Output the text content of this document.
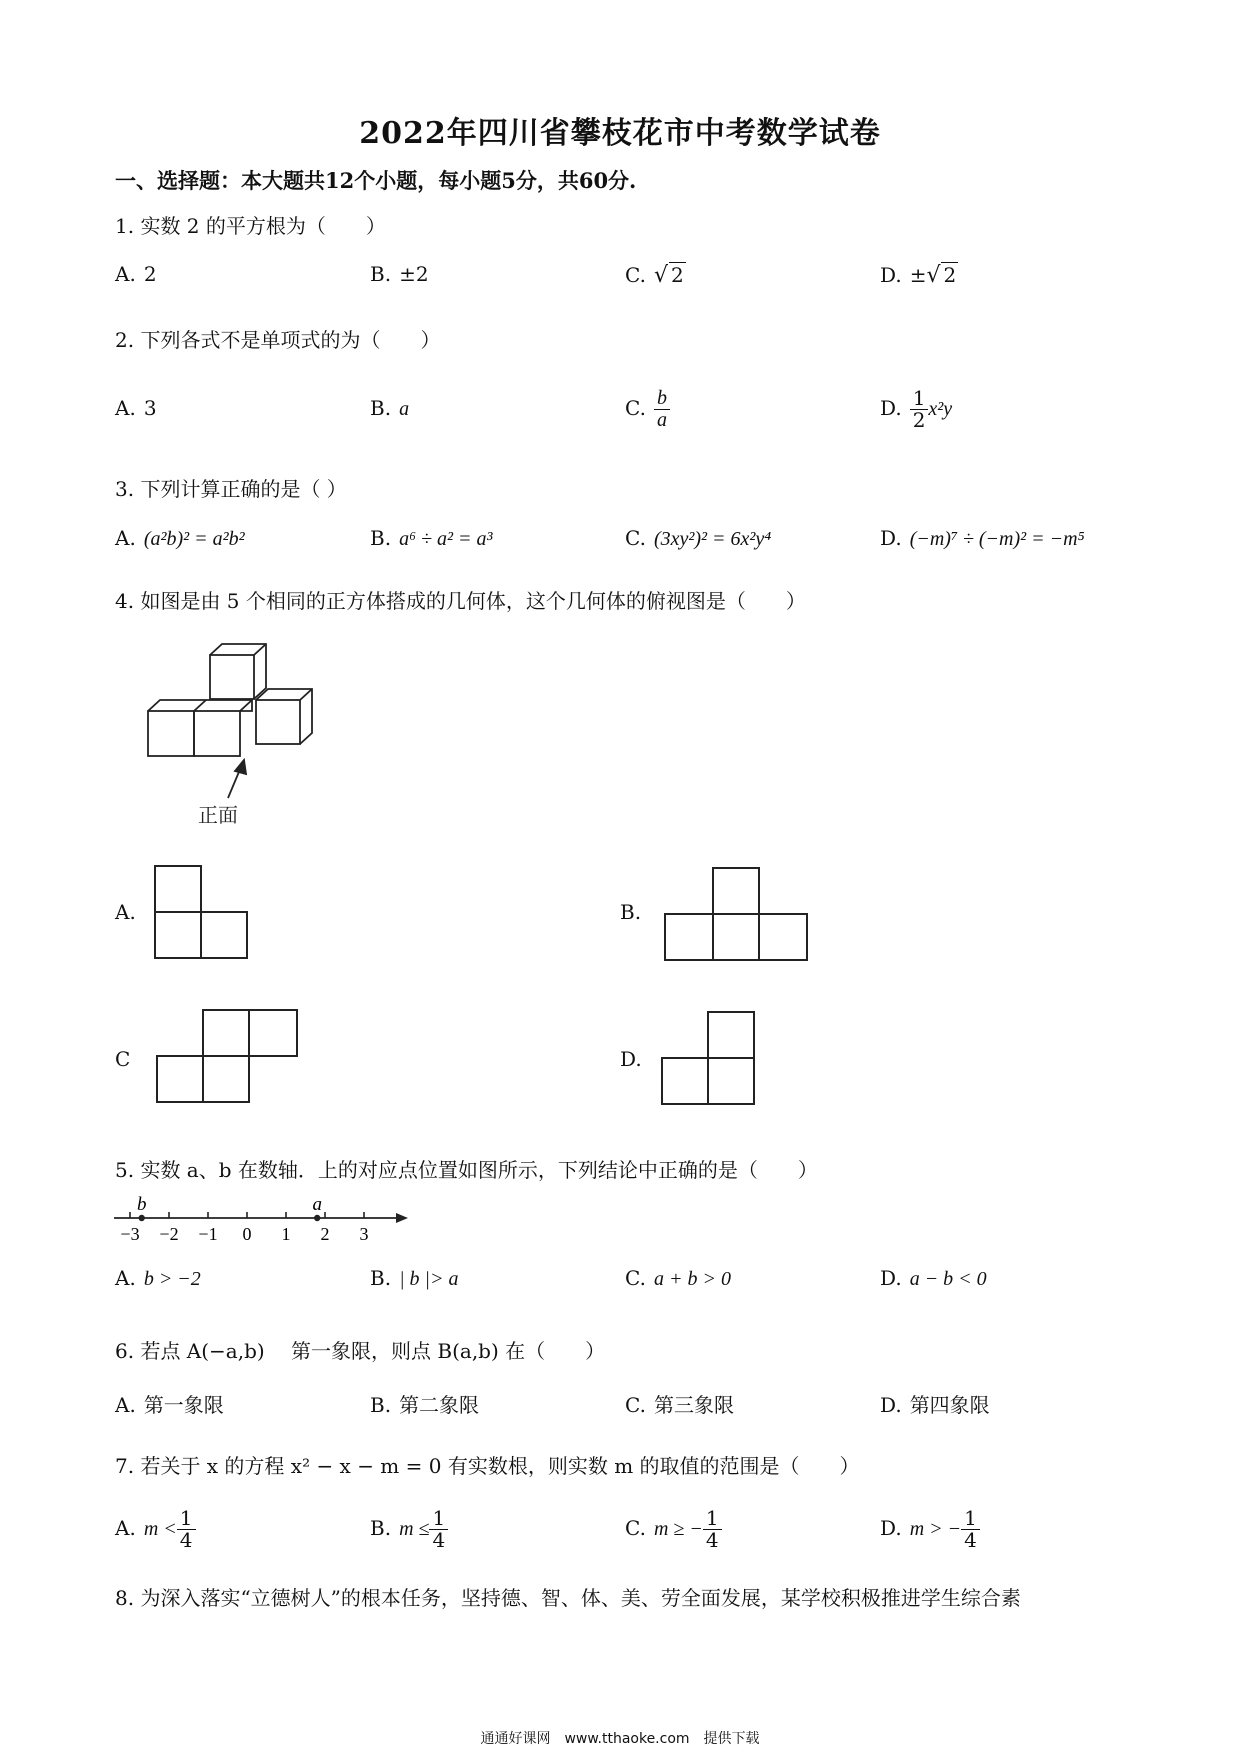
2022年四川省攀枝花市中考数学试卷
一、选择题：本大题共12个小题，每小题5分，共60分.
1. 实数 2 的平方根为（　　）
A. 2	B. ±2	C. √ 2	D. ±√ 2
2. 下列各式不是单项式的为（　　）
A. 3	B. a	C. $\frac{b}{a}$	D. $\frac{1}{2} x^2y$
3. 下列计算正确的是（ ）
A. (a²b)² = a²b²	B. a⁶ ÷ a² = a³	C. (3xy²)² = 6x²y⁴	D. (−m)⁷ ÷ (−m)² = −m⁵
4. 如图是由 5 个相同的正方体搭成的几何体，这个几何体的俯视图是（　　）
正面
A.	B.
C	D.
5. 实数 a、b 在数轴．上的对应点位置如图所示，下列结论中正确的是（　　）
−3 −2 −1 0 1 2 3
b	a
A. b > −2	B. | b |> a	C. a + b > 0	D. a − b < 0
6. 若点 A(−a,b)　 第一象限，则点 B(a,b) 在（　　）
A. 第一象限	B. 第二象限	C. 第三象限	D. 第四象限
7. 若关于 x 的方程 x² − x − m = 0 有实数根，则实数 m 的取值的范围是（　　）
A. $m < \frac{1}{4}$	B. $m \le \frac{1}{4}$	C. m ≥ − $\frac{1}{4}$	D. m > − $\frac{1}{4}$
8. 为深入落实“立德树人”的根本任务，坚持德、智、体、美、劳全面发展，某学校积极推进学生综合素
通通好课网　www.tthaoke.com　提供下载
